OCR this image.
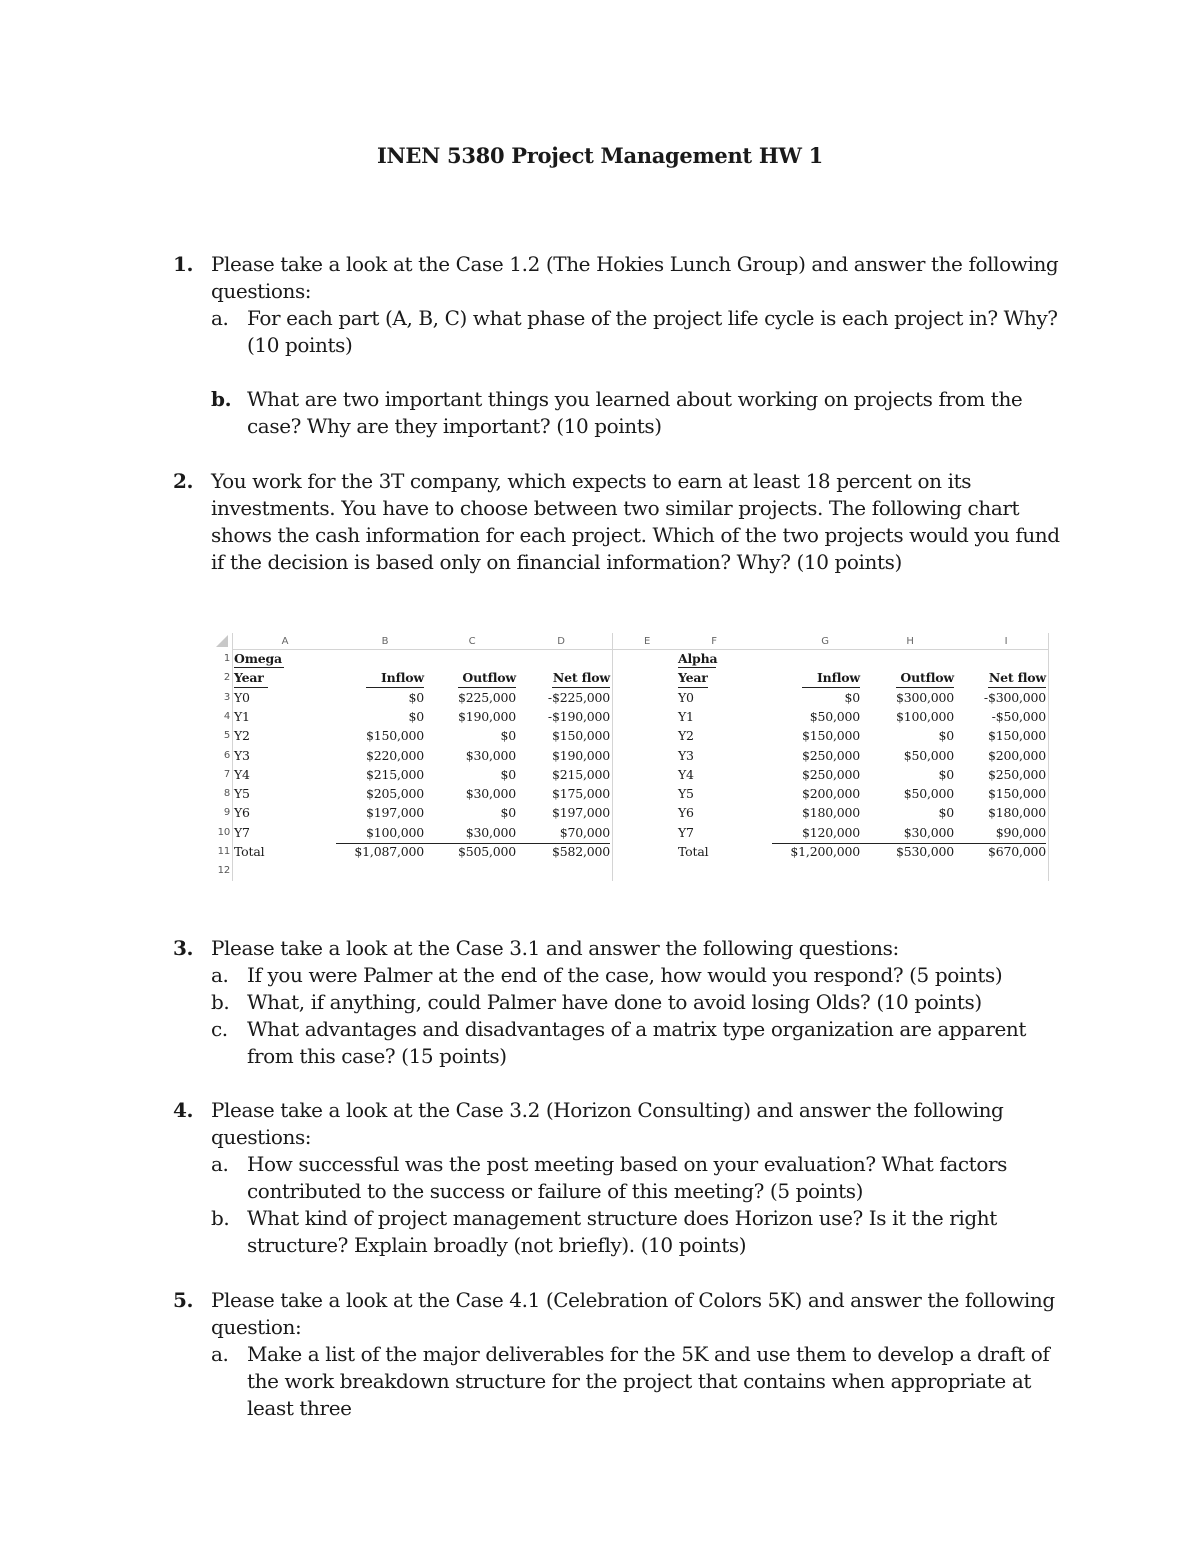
INEN 5380 Project Management HW 1
1. Please take a look at the Case 1.2 (The Hokies Lunch Group) and answer the following questions:
a. For each part (A, B, C) what phase of the project life cycle is each project in? Why? (10 points)
b. What are two important things you learned about working on projects from the case? Why are they important? (10 points)
2. You work for the 3T company, which expects to earn at least 18 percent on its investments. You have to choose between two similar projects. The following chart shows the cash information for each project. Which of the two projects would you fund if the decision is based only on financial information? Why? (10 points)
A	B	C	D	E	F	G	H	I
1
2
3
4
5
6
7
8
9
10
11
12
Omega
Year	Inflow	Outflow	Net flow
Y0	$0	$225,000	-$225,000
Y1	$0	$190,000	-$190,000
Y2	$150,000	$0	$150,000
Y3	$220,000	$30,000	$190,000
Y4	$215,000	$0	$215,000
Y5	$205,000	$30,000	$175,000
Y6	$197,000	$0	$197,000
Y7	$100,000	$30,000	$70,000
Total	$1,087,000	$505,000	$582,000
Alpha
Year	Inflow	Outflow	Net flow
Y0	$0	$300,000	-$300,000
Y1	$50,000	$100,000	-$50,000
Y2	$150,000	$0	$150,000
Y3	$250,000	$50,000	$200,000
Y4	$250,000	$0	$250,000
Y5	$200,000	$50,000	$150,000
Y6	$180,000	$0	$180,000
Y7	$120,000	$30,000	$90,000
Total	$1,200,000	$530,000	$670,000
3. Please take a look at the Case 3.1 and answer the following questions:
a. If you were Palmer at the end of the case, how would you respond? (5 points)
b. What, if anything, could Palmer have done to avoid losing Olds? (10 points)
c. What advantages and disadvantages of a matrix type organization are apparent from this case? (15 points)
4. Please take a look at the Case 3.2 (Horizon Consulting) and answer the following questions:
a. How successful was the post meeting based on your evaluation? What factors contributed to the success or failure of this meeting? (5 points)
b. What kind of project management structure does Horizon use? Is it the right structure? Explain broadly (not briefly). (10 points)
5. Please take a look at the Case 4.1 (Celebration of Colors 5K) and answer the following question:
a. Make a list of the major deliverables for the 5K and use them to develop a draft of the work breakdown structure for the project that contains when appropriate at least three
